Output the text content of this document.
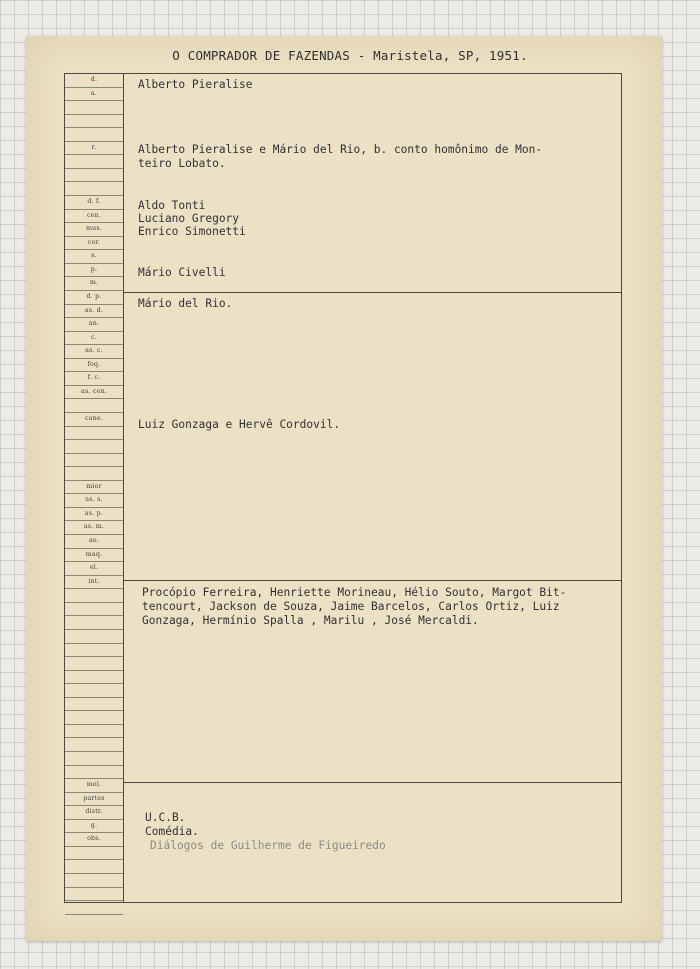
O COMPRADOR DE FAZENDAS - Maristela, SP, 1951.
d.
a.
r.
d. f.
cen.
mus.
cor.
s.
p.
m.
d. p.
as. d.
an.
c.
as. c.
foq.
f. c.
as. cen.
cane.
mier
as. s.
as. p.
as. m.
ae.
maq.
el.
int.
mel.
partes
distr.
g.
obs.
Alberto Pieralise
Alberto Pieralise e Mário del Rio, b. conto homônimo de Mon-
teiro Lobato.
Aldo Tonti
Luciano Gregory
Enrico Simonetti
Mário Civelli
Mário del Rio.
Luiz Gonzaga e Hervê Cordovil.
Procópio Ferreira, Henriette Morineau, Hélio Souto, Margot Bit-
tencourt, Jackson de Souza, Jaime Barcelos, Carlos Ortiz, Luiz
Gonzaga, Hermínio Spalla , Marilu , José Mercaldi.
U.C.B.
Comédia.
Diálogos de Guilherme de Figueiredo
